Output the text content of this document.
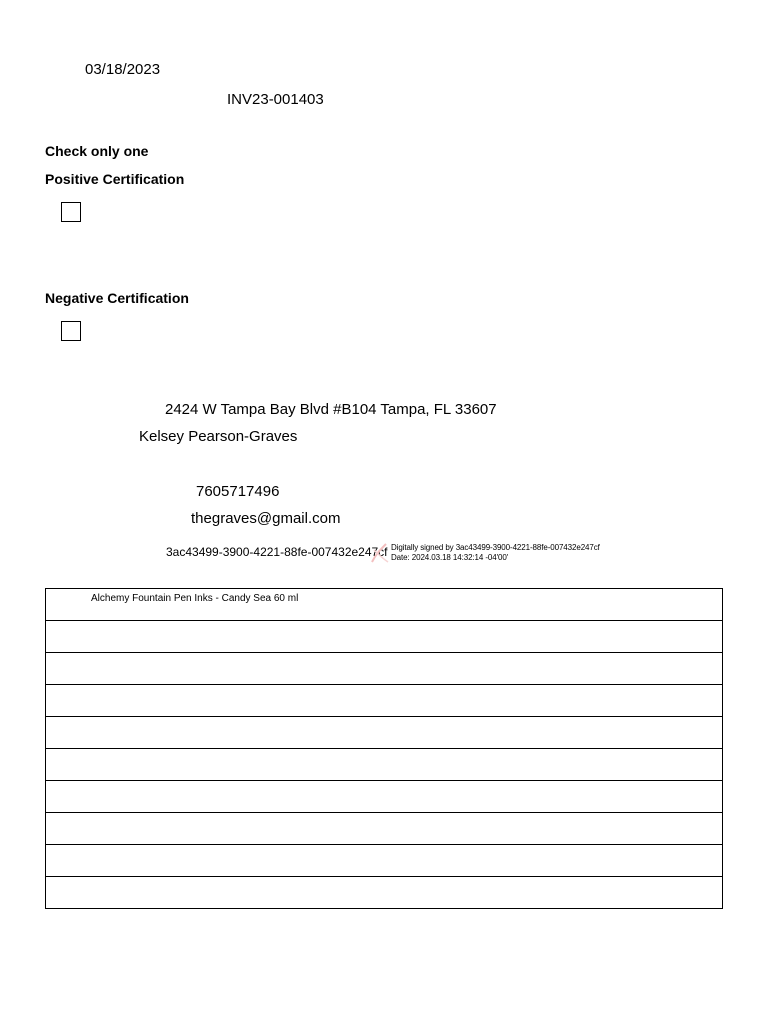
03/18/2023
INV23-001403
Check only one
Positive Certification
Negative Certification
2424 W Tampa Bay Blvd #B104 Tampa, FL 33607
Kelsey Pearson-Graves
7605717496
thegraves@gmail.com
3ac43499-3900-4221-88fe-007432e247cf Digitally signed by 3ac43499-3900-4221-88fe-007432e247cf
Date: 2024.03.18 14:32:14 -04'00'
Alchemy Fountain Pen Inks - Candy Sea 60 ml
